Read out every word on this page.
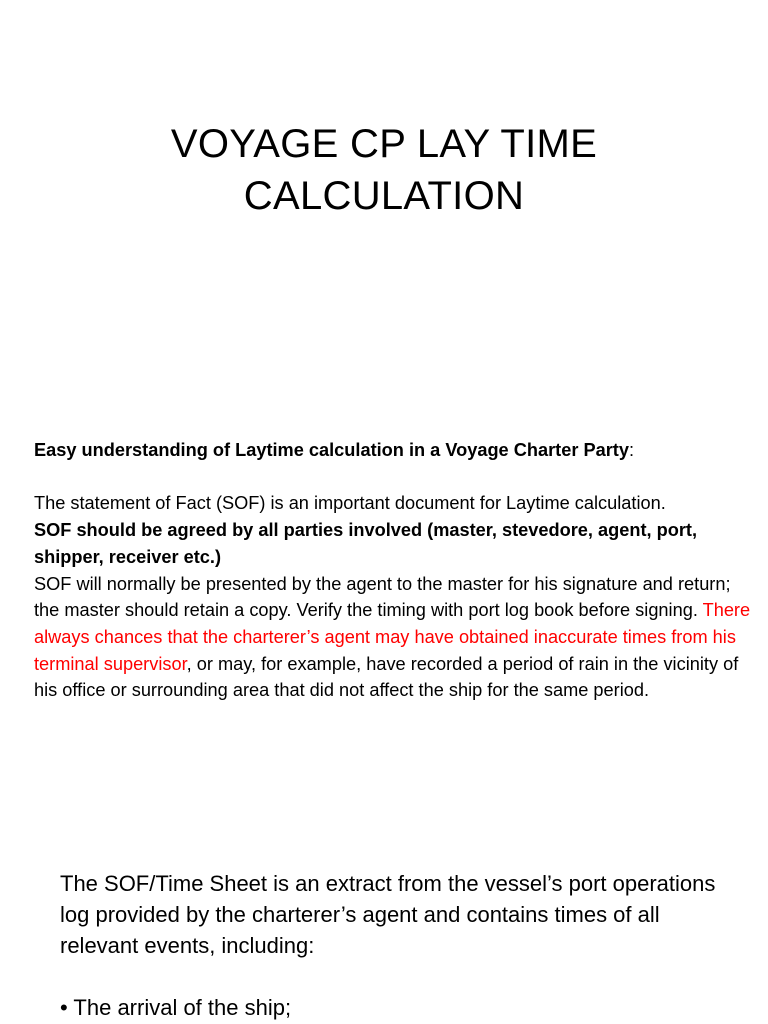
VOYAGE CP LAY TIME
CALCULATION

Easy understanding of Laytime calculation in a Voyage Charter Party:

The statement of Fact (SOF) is an important document for Laytime calculation.
SOF should be agreed by all parties involved (master, stevedore, agent, port, shipper, receiver etc.)
SOF will normally be presented by the agent to the master for his signature and return; the master should retain a copy. Verify the timing with port log book before signing. There always chances that the charterer’s agent may have obtained inaccurate times from his terminal supervisor, or may, for example, have recorded a period of rain in the vicinity of his office or surrounding area that did not affect the ship for the same period.

The SOF/Time Sheet is an extract from the vessel’s port operations log provided by the charterer’s agent and contains times of all relevant events, including:

• The arrival of the ship;
